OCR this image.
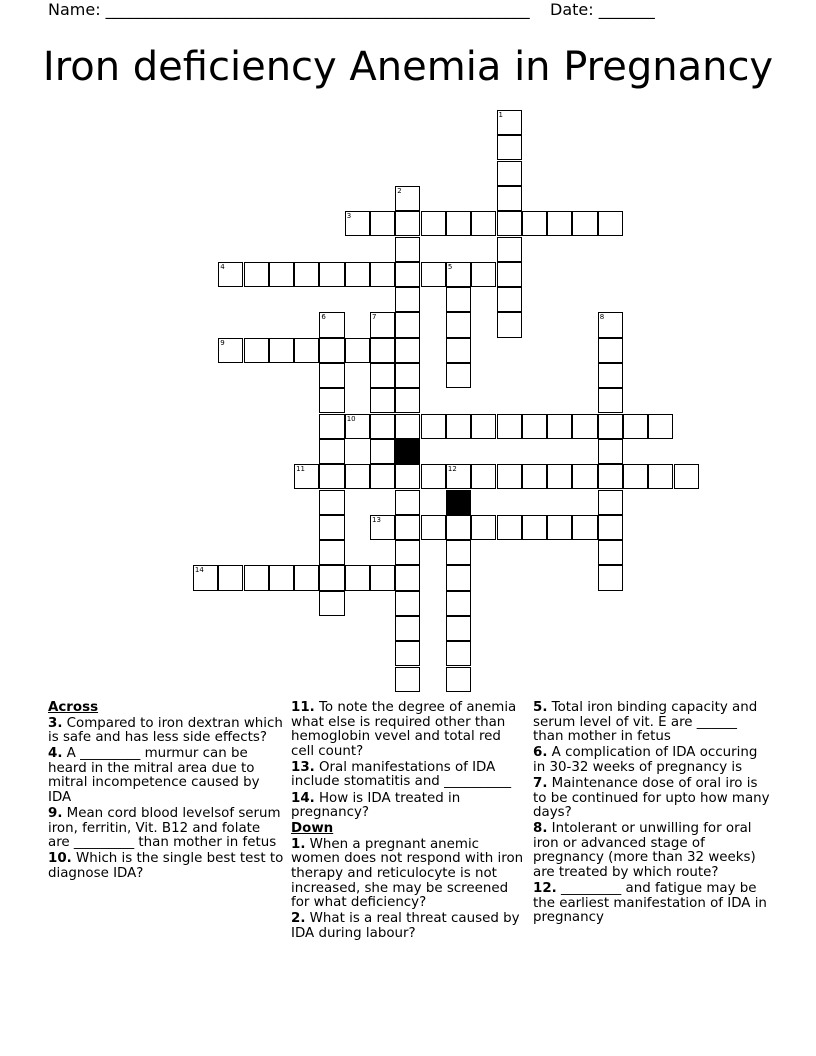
Name: _____________________________________________________ Date: _______
Iron deficiency Anemia in Pregnancy
1
2
3
4	5
6	7	8
9
10
11	12
13
14
Across
3. Compared to iron dextran which is safe and has less side effects?
4. A _________ murmur can be heard in the mitral area due to mitral incompetence caused by IDA
9. Mean cord blood levelsof serum iron, ferritin, Vit. B12 and folate are _________ than mother in fetus
10. Which is the single best test to diagnose IDA?
11. To note the degree of anemia what else is required other than hemoglobin vevel and total red cell count?
13. Oral manifestations of IDA include stomatitis and __________
14. How is IDA treated in pregnancy?
Down
1. When a pregnant anemic women does not respond with iron therapy and reticulocyte is not increased, she may be screened for what deficiency?
2. What is a real threat caused by IDA during labour?
5. Total iron binding capacity and serum level of vit. E are ______ than mother in fetus
6. A complication of IDA occuring in 30-32 weeks of pregnancy is
7. Maintenance dose of oral iro is to be continued for upto how many days?
8. Intolerant or unwilling for oral iron or advanced stage of pregnancy (more than 32 weeks) are treated by which route?
12. _________ and fatigue may be the earliest manifestation of IDA in pregnancy
